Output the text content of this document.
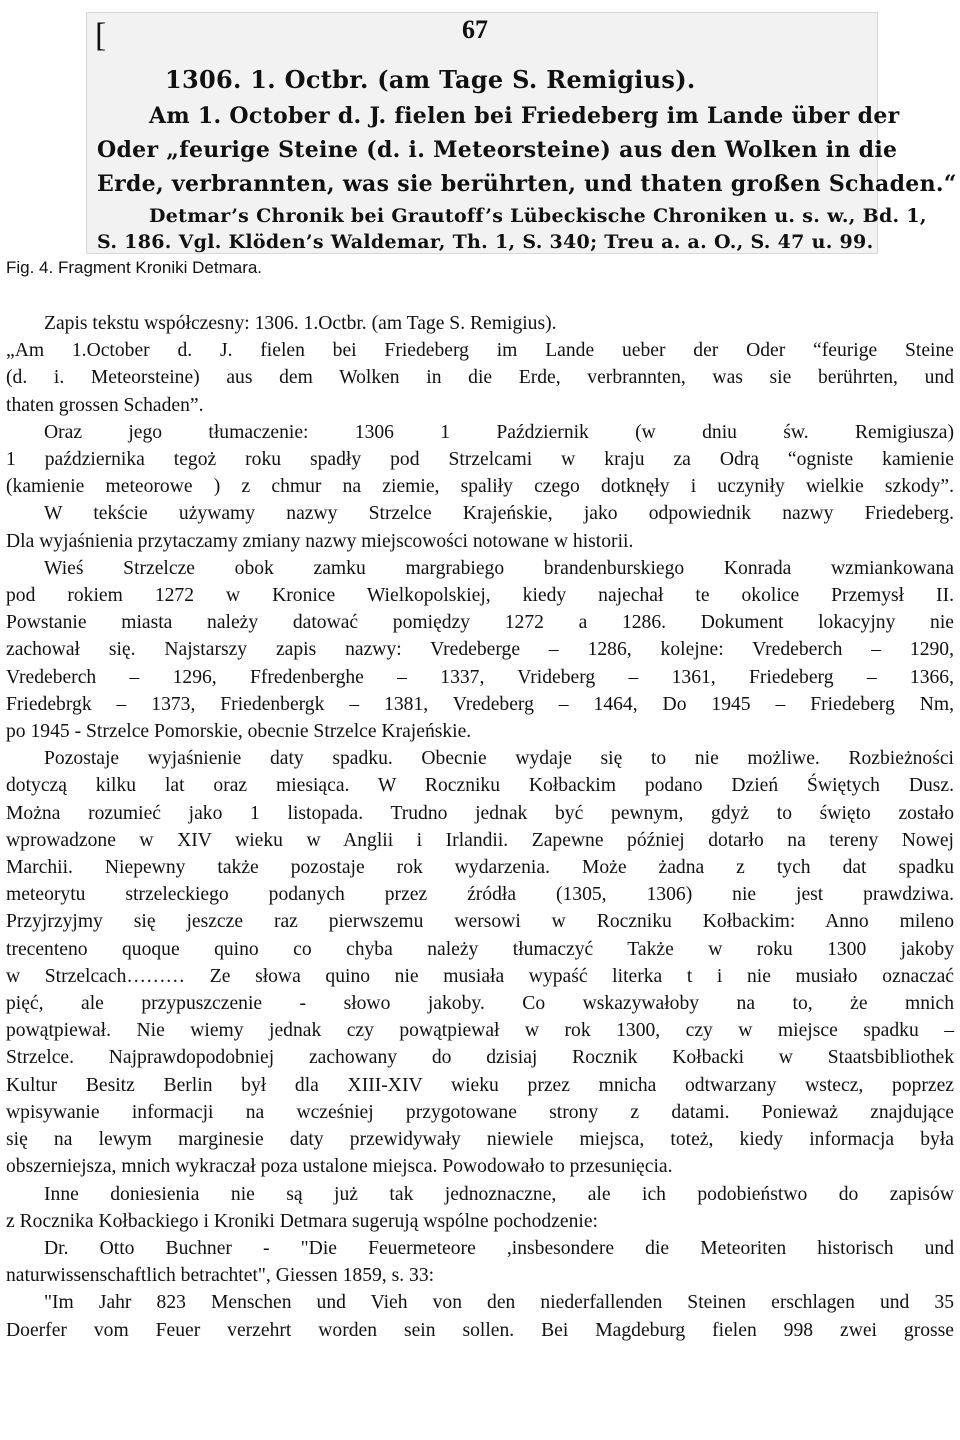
[	67
1306. 1. Octbr. (am Tage S. Remigius).
Am 1. October d. J. fielen bei Friedeberg im Lande über der
Oder „feurige Steine (d. i. Meteorsteine) aus den Wolken in die
Erde, verbrannten, was sie berührten, und thaten großen Schaden.“
Detmar’s Chronik bei Grautoff’s Lübeckische Chroniken u. s. w., Bd. 1,
S. 186. Vgl. Klöden’s Waldemar, Th. 1, S. 340; Treu a. a. O., S. 47 u. 99.
Fig. 4. Fragment Kroniki Detmara.

Zapis tekstu współczesny: 1306. 1.Octbr. (am Tage S. Remigius).

„Am 1.October d. J. fielen bei Friedeberg im Lande ueber der Oder “feurige Steine

(d. i. Meteorsteine) aus dem Wolken in die Erde, verbrannten, was sie berührten, und

thaten grossen Schaden”.

Oraz jego tłumaczenie: 1306 1 Październik (w dniu św. Remigiusza)

1 października tegoż roku spadły pod Strzelcami w kraju za Odrą “ogniste kamienie

(kamienie meteorowe ) z chmur na ziemie, spaliły czego dotknęły i uczyniły wielkie szkody”.

W tekście używamy nazwy Strzelce Krajeńskie, jako odpowiednik nazwy Friedeberg.

Dla wyjaśnienia przytaczamy zmiany nazwy miejscowości notowane w historii.

Wieś Strzelcze obok zamku margrabiego brandenburskiego Konrada wzmiankowana

pod rokiem 1272 w Kronice Wielkopolskiej, kiedy najechał te okolice Przemysł II.

Powstanie miasta należy datować pomiędzy 1272 a 1286. Dokument lokacyjny nie

zachował się. Najstarszy zapis nazwy: Vredeberge – 1286, kolejne: Vredeberch – 1290,

Vredeberch – 1296, Ffredenberghe – 1337, Vrideberg – 1361, Friedeberg – 1366,

Friedebrgk – 1373, Friedenbergk – 1381, Vredeberg – 1464, Do 1945 – Friedeberg Nm,

po 1945 - Strzelce Pomorskie, obecnie Strzelce Krajeńskie.

Pozostaje wyjaśnienie daty spadku. Obecnie wydaje się to nie możliwe. Rozbieżności

dotyczą kilku lat oraz miesiąca. W Roczniku Kołbackim podano Dzień Świętych Dusz.

Można rozumieć jako 1 listopada. Trudno jednak być pewnym, gdyż to święto zostało

wprowadzone w XIV wieku w Anglii i Irlandii. Zapewne później dotarło na tereny Nowej

Marchii. Niepewny także pozostaje rok wydarzenia. Może żadna z tych dat spadku

meteorytu strzeleckiego podanych przez źródła (1305, 1306) nie jest prawdziwa.

Przyjrzyjmy się jeszcze raz pierwszemu wersowi w Roczniku Kołbackim: Anno mileno

trecenteno quoque quino co chyba należy tłumaczyć Także w roku 1300 jakoby

w Strzelcach……… Ze słowa quino nie musiała wypaść literka t i nie musiało oznaczać

pięć, ale przypuszczenie - słowo jakoby. Co wskazywałoby na to, że mnich

powątpiewał. Nie wiemy jednak czy powątpiewał w rok 1300, czy w miejsce spadku –

Strzelce. Najprawdopodobniej zachowany do dzisiaj Rocznik Kołbacki w Staatsbibliothek

Kultur Besitz Berlin był dla XIII-XIV wieku przez mnicha odtwarzany wstecz, poprzez

wpisywanie informacji na wcześniej przygotowane strony z datami. Ponieważ znajdujące

się na lewym marginesie daty przewidywały niewiele miejsca, toteż, kiedy informacja była

obszerniejsza, mnich wykraczał poza ustalone miejsca. Powodowało to przesunięcia.

Inne doniesienia nie są już tak jednoznaczne, ale ich podobieństwo do zapisów

z Rocznika Kołbackiego i Kroniki Detmara sugerują wspólne pochodzenie:

Dr. Otto Buchner - "Die Feuermeteore ,insbesondere die Meteoriten historisch und

naturwissenschaftlich betrachtet", Giessen 1859, s. 33:

"Im Jahr 823 Menschen und Vieh von den niederfallenden Steinen erschlagen und 35

Doerfer vom Feuer verzehrt worden sein sollen. Bei Magdeburg fielen 998 zwei grosse
